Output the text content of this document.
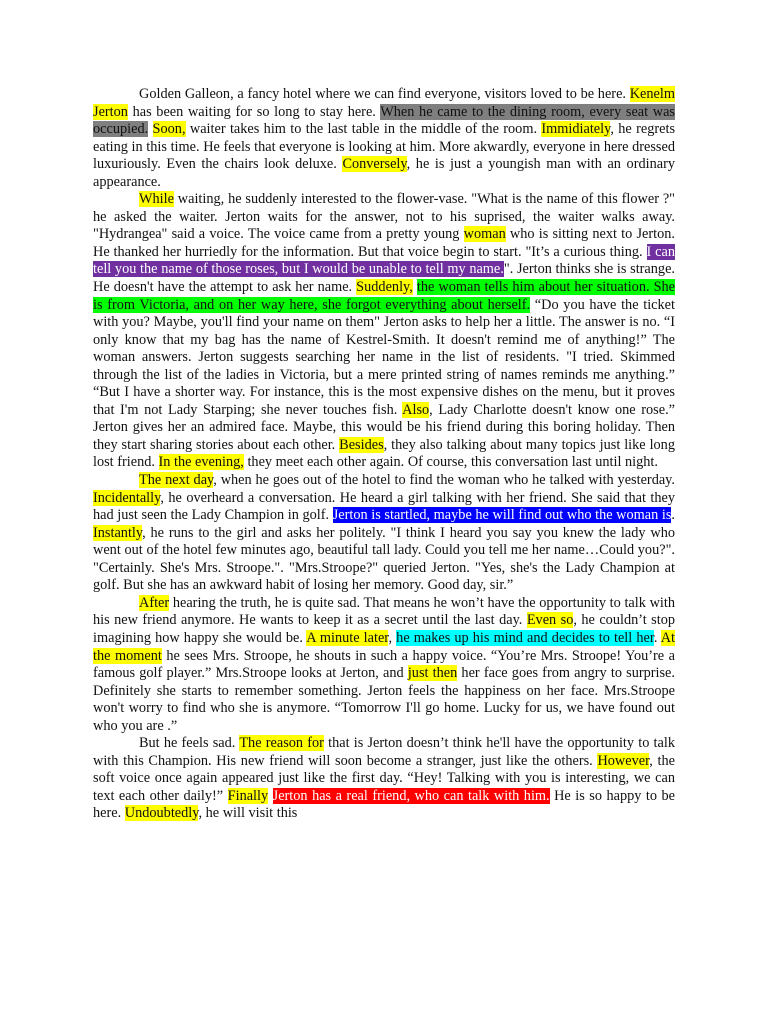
Golden Galleon, a fancy hotel where we can find everyone, visitors loved to be here. Kenelm Jerton has been waiting for so long to stay here. When he came to the dining room, every seat was occupied. Soon, waiter takes him to the last table in the middle of the room. Immidiately, he regrets eating in this time. He feels that everyone is looking at him. More akwardly, everyone in here dressed luxuriously. Even the chairs look deluxe. Conversely, he is just a youngish man with an ordinary appearance.

While waiting, he suddenly interested to the flower-vase. "What is the name of this flower ?" he asked the waiter. Jerton waits for the answer, not to his suprised, the waiter walks away. "Hydrangea" said a voice. The voice came from a pretty young woman who is sitting next to Jerton. He thanked her hurriedly for the information. But that voice begin to start. "It’s a curious thing. I can tell you the name of those roses, but I would be unable to tell my name.". Jerton thinks she is strange. He doesn't have the attempt to ask her name. Suddenly, the woman tells him about her situation. She is from Victoria, and on her way here, she forgot everything about herself. “Do you have the ticket with you? Maybe, you'll find your name on them" Jerton asks to help her a little. The answer is no. “I only know that my bag has the name of Kestrel-Smith. It doesn't remind me of anything!” The woman answers. Jerton suggests searching her name in the list of residents. "I tried. Skimmed through the list of the ladies in Victoria, but a mere printed string of names reminds me anything.” “But I have a shorter way. For instance, this is the most expensive dishes on the menu, but it proves that I'm not Lady Starping; she never touches fish. Also, Lady Charlotte doesn't know one rose.” Jerton gives her an admired face. Maybe, this would be his friend during this boring holiday. Then they start sharing stories about each other. Besides, they also talking about many topics just like long lost friend. In the evening, they meet each other again. Of course, this conversation last until night.

The next day, when he goes out of the hotel to find the woman who he talked with yesterday. Incidentally, he overheard a conversation. He heard a girl talking with her friend. She said that they had just seen the Lady Champion in golf. Jerton is startled, maybe he will find out who the woman is. Instantly, he runs to the girl and asks her politely. "I think I heard you say you knew the lady who went out of the hotel few minutes ago, beautiful tall lady. Could you tell me her name…Could you?". "Certainly. She's Mrs. Stroope.". "Mrs.Stroope?" queried Jerton. "Yes, she's the Lady Champion at golf. But she has an awkward habit of losing her memory. Good day, sir.”

After hearing the truth, he is quite sad. That means he won’t have the opportunity to talk with his new friend anymore. He wants to keep it as a secret until the last day. Even so, he couldn’t stop imagining how happy she would be. A minute later, he makes up his mind and decides to tell her. At the moment he sees Mrs. Stroope, he shouts in such a happy voice. “You’re Mrs. Stroope! You’re a famous golf player.” Mrs.Stroope looks at Jerton, and just then her face goes from angry to surprise. Definitely she starts to remember something. Jerton feels the happiness on her face. Mrs.Stroope won't worry to find who she is anymore. “Tomorrow I'll go home. Lucky for us, we have found out who you are .”

But he feels sad. The reason for that is Jerton doesn’t think he'll have the opportunity to talk with this Champion. His new friend will soon become a stranger, just like the others. However, the soft voice once again appeared just like the first day. “Hey! Talking with you is interesting, we can text each other daily!” Finally Jerton has a real friend, who can talk with him. He is so happy to be here. Undoubtedly, he will visit this
